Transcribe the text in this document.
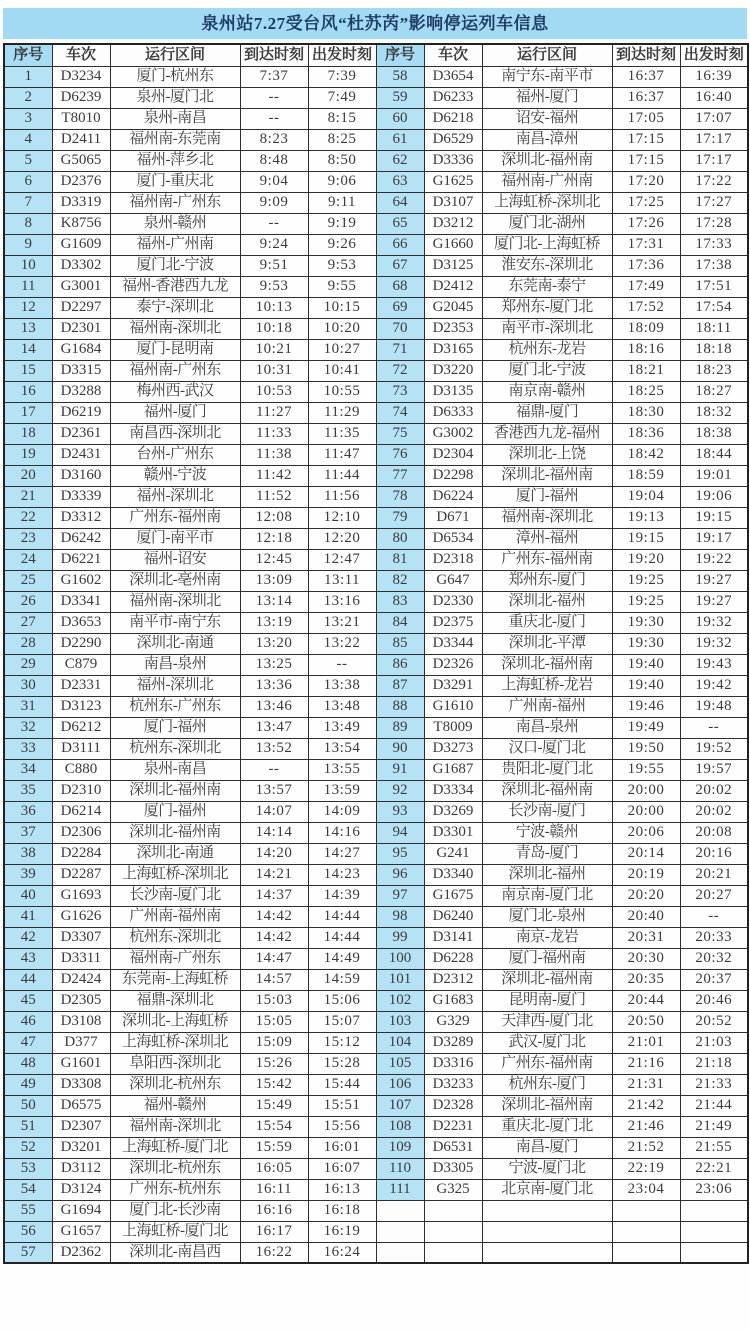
泉州站7.27受台风“杜苏芮”影响停运列车信息
序号	车次	运行区间	到达时刻	出发时刻	序号	车次	运行区间	到达时刻	出发时刻
1	D3234	厦门-杭州东	7:37	7:39	58	D3654	南宁东-南平市	16:37	16:39
2	D6239	泉州-厦门北	--	7:49	59	D6233	福州-厦门	16:37	16:40
3	T8010	泉州-南昌	--	8:15	60	D6218	诏安-福州	17:05	17:07
4	D2411	福州南-东莞南	8:23	8:25	61	D6529	南昌-漳州	17:15	17:17
5	G5065	福州-萍乡北	8:48	8:50	62	D3336	深圳北-福州南	17:15	17:17
6	D2376	厦门-重庆北	9:04	9:06	63	G1625	福州南-广州南	17:20	17:22
7	D3319	福州南-广州东	9:09	9:11	64	D3107	上海虹桥-深圳北	17:25	17:27
8	K8756	泉州-赣州	--	9:19	65	D3212	厦门北-湖州	17:26	17:28
9	G1609	福州-广州南	9:24	9:26	66	G1660	厦门北-上海虹桥	17:31	17:33
10	D3302	厦门北-宁波	9:51	9:53	67	D3125	淮安东-深圳北	17:36	17:38
11	G3001	福州-香港西九龙	9:53	9:55	68	D2412	东莞南-泰宁	17:49	17:51
12	D2297	泰宁-深圳北	10:13	10:15	69	G2045	郑州东-厦门北	17:52	17:54
13	D2301	福州南-深圳北	10:18	10:20	70	D2353	南平市-深圳北	18:09	18:11
14	G1684	厦门-昆明南	10:21	10:27	71	D3165	杭州东-龙岩	18:16	18:18
15	D3315	福州南-广州东	10:31	10:41	72	D3220	厦门北-宁波	18:21	18:23
16	D3288	梅州西-武汉	10:53	10:55	73	D3135	南京南-赣州	18:25	18:27
17	D6219	福州-厦门	11:27	11:29	74	D6333	福鼎-厦门	18:30	18:32
18	D2361	南昌西-深圳北	11:33	11:35	75	G3002	香港西九龙-福州	18:36	18:38
19	D2431	台州-广州东	11:38	11:47	76	D2304	深圳北-上饶	18:42	18:44
20	D3160	赣州-宁波	11:42	11:44	77	D2298	深圳北-福州南	18:59	19:01
21	D3339	福州-深圳北	11:52	11:56	78	D6224	厦门-福州	19:04	19:06
22	D3312	广州东-福州南	12:08	12:10	79	D671	福州南-深圳北	19:13	19:15
23	D6242	厦门-南平市	12:18	12:20	80	D6534	漳州-福州	19:15	19:17
24	D6221	福州-诏安	12:45	12:47	81	D2318	广州东-福州南	19:20	19:22
25	G1602	深圳北-亳州南	13:09	13:11	82	G647	郑州东-厦门	19:25	19:27
26	D3341	福州南-深圳北	13:14	13:16	83	D2330	深圳北-福州	19:25	19:27
27	D3653	南平市-南宁东	13:19	13:21	84	D2375	重庆北-厦门	19:30	19:32
28	D2290	深圳北-南通	13:20	13:22	85	D3344	深圳北-平潭	19:30	19:32
29	C879	南昌-泉州	13:25	--	86	D2326	深圳北-福州南	19:40	19:43
30	D2331	福州-深圳北	13:36	13:38	87	D3291	上海虹桥-龙岩	19:40	19:42
31	D3123	杭州东-广州东	13:46	13:48	88	G1610	广州南-福州	19:46	19:48
32	D6212	厦门-福州	13:47	13:49	89	T8009	南昌-泉州	19:49	--
33	D3111	杭州东-深圳北	13:52	13:54	90	D3273	汉口-厦门北	19:50	19:52
34	C880	泉州-南昌	--	13:55	91	G1687	贵阳北-厦门北	19:55	19:57
35	D2310	深圳北-福州南	13:57	13:59	92	D3334	深圳北-福州南	20:00	20:02
36	D6214	厦门-福州	14:07	14:09	93	D3269	长沙南-厦门	20:00	20:02
37	D2306	深圳北-福州南	14:14	14:16	94	D3301	宁波-赣州	20:06	20:08
38	D2284	深圳北-南通	14:20	14:27	95	G241	青岛-厦门	20:14	20:16
39	D2287	上海虹桥-深圳北	14:21	14:23	96	D3340	深圳北-福州	20:19	20:21
40	G1693	长沙南-厦门北	14:37	14:39	97	G1675	南京南-厦门北	20:20	20:27
41	G1626	广州南-福州南	14:42	14:44	98	D6240	厦门北-泉州	20:40	--
42	D3307	杭州东-深圳北	14:42	14:44	99	D3141	南京-龙岩	20:31	20:33
43	D3311	福州南-广州东	14:47	14:49	100	D6228	厦门-福州南	20:30	20:32
44	D2424	东莞南-上海虹桥	14:57	14:59	101	D2312	深圳北-福州南	20:35	20:37
45	D2305	福鼎-深圳北	15:03	15:06	102	G1683	昆明南-厦门	20:44	20:46
46	D3108	深圳北-上海虹桥	15:05	15:07	103	G329	天津西-厦门北	20:50	20:52
47	D377	上海虹桥-深圳北	15:09	15:12	104	D3289	武汉-厦门北	21:01	21:03
48	G1601	阜阳西-深圳北	15:26	15:28	105	D3316	广州东-福州南	21:16	21:18
49	D3308	深圳北-杭州东	15:42	15:44	106	D3233	杭州东-厦门	21:31	21:33
50	D6575	福州-赣州	15:49	15:51	107	D2328	深圳北-福州南	21:42	21:44
51	D2307	福州南-深圳北	15:54	15:56	108	D2231	重庆北-厦门北	21:46	21:49
52	D3201	上海虹桥-厦门北	15:59	16:01	109	D6531	南昌-厦门	21:52	21:55
53	D3112	深圳北-杭州东	16:05	16:07	110	D3305	宁波-厦门北	22:19	22:21
54	D3124	广州东-杭州东	16:11	16:13	111	G325	北京南-厦门北	23:04	23:06
55	G1694	厦门北-长沙南	16:16	16:18					
56	G1657	上海虹桥-厦门北	16:17	16:19					
57	D2362	深圳北-南昌西	16:22	16:24					
